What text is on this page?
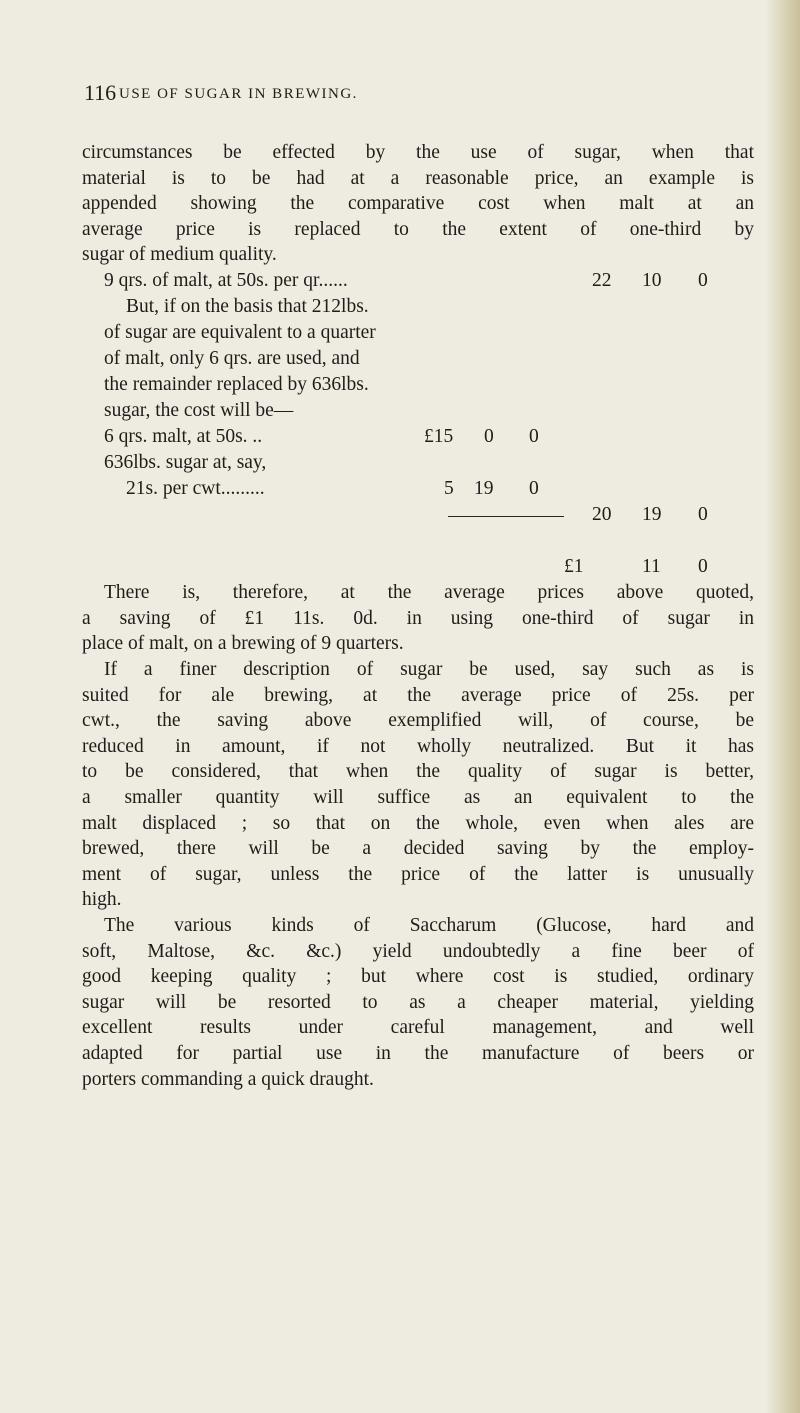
116 USE OF SUGAR IN BREWING.
circumstances be effected by the use of sugar, when that
material is to be had at a reasonable price, an example is
appended showing the comparative cost when malt at an
average price is replaced to the extent of one-third by
sugar of medium quality.
9 qrs. of malt, at 50s. per qr......	22 10 0
But, if on the basis that 212lbs.
of sugar are equivalent to a quarter
of malt, only 6 qrs. are used, and
the remainder replaced by 636lbs.
sugar, the cost will be—
6 qrs. malt, at 50s. ..	£15 0 0
636lbs. sugar at, say,
21s. per cwt.........	5 19 0
20 19 0
£1	11 0
There is, therefore, at the average prices above quoted,
a saving of £1 11s. 0d. in using one-third of sugar in
place of malt, on a brewing of 9 quarters.
If a finer description of sugar be used, say such as is
suited for ale brewing, at the average price of 25s. per
cwt., the saving above exemplified will, of course, be
reduced in amount, if not wholly neutralized. But it has
to be considered, that when the quality of sugar is better,
a smaller quantity will suffice as an equivalent to the
malt displaced ; so that on the whole, even when ales are
brewed, there will be a decided saving by the employ-
ment of sugar, unless the price of the latter is unusually
high.
The various kinds of Saccharum (Glucose, hard and
soft, Maltose, &c. &c.) yield undoubtedly a fine beer of
good keeping quality ; but where cost is studied, ordinary
sugar will be resorted to as a cheaper material, yielding
excellent results under careful management, and well
adapted for partial use in the manufacture of beers or
porters commanding a quick draught.
